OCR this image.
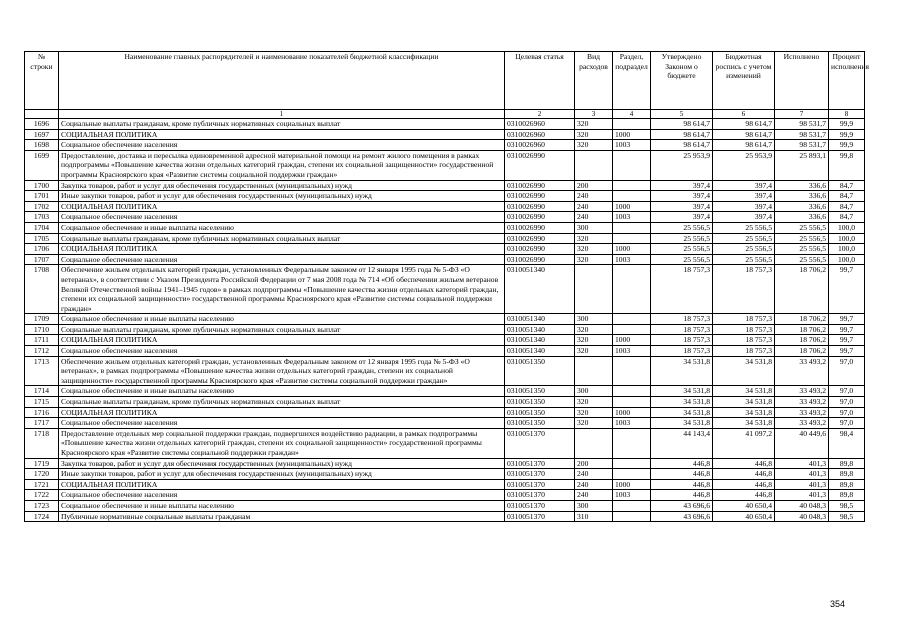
№ строки	Наименование главных распорядителей и наименование показателей бюджетной классификации	Целевая статья	Вид расходов	Раздел, подраздел	Утверждено Законом о бюджете	Бюджетная роспись с учетом изменений	Исполнено	Процент исполнения
	1	2	3	4	5	6	7	8
1696	Социальные выплаты гражданам, кроме публичных нормативных социальных выплат	0310026960	320		98 614,7	98 614,7	98 531,7	99,9
1697	СОЦИАЛЬНАЯ ПОЛИТИКА	0310026960	320	1000	98 614,7	98 614,7	98 531,7	99,9
1698	Социальное обеспечение населения	0310026960	320	1003	98 614,7	98 614,7	98 531,7	99,9
1699	Предоставление, доставка и пересылка единовременной адресной материальной помощи на ремонт жилого помещения в рамках подпрограммы «Повышение качества жизни отдельных категорий граждан, степени их социальной защищенности» государственной программы Красноярского края «Развитие системы социальной поддержки граждан»	0310026990			25 953,9	25 953,9	25 893,1	99,8
1700	Закупка товаров, работ и услуг для обеспечения государственных (муниципальных) нужд	0310026990	200		397,4	397,4	336,6	84,7
1701	Иные закупки товаров, работ и услуг для обеспечения государственных (муниципальных) нужд	0310026990	240		397,4	397,4	336,6	84,7
1702	СОЦИАЛЬНАЯ ПОЛИТИКА	0310026990	240	1000	397,4	397,4	336,6	84,7
1703	Социальное обеспечение населения	0310026990	240	1003	397,4	397,4	336,6	84,7
1704	Социальное обеспечение и иные выплаты населению	0310026990	300		25 556,5	25 556,5	25 556,5	100,0
1705	Социальные выплаты гражданам, кроме публичных нормативных социальных выплат	0310026990	320		25 556,5	25 556,5	25 556,5	100,0
1706	СОЦИАЛЬНАЯ ПОЛИТИКА	0310026990	320	1000	25 556,5	25 556,5	25 556,5	100,0
1707	Социальное обеспечение населения	0310026990	320	1003	25 556,5	25 556,5	25 556,5	100,0
1708	Обеспечение жильем отдельных категорий граждан, установленных Федеральным законом от 12 января 1995 года № 5-ФЗ «О ветеранах», в соответствии с Указом Президента Российской Федерации от 7 мая 2008 года № 714 «Об обеспечении жильем ветеранов Великой Отечественной войны 1941–1945 годов» в рамках подпрограммы «Повышение качества жизни отдельных категорий граждан, степени их социальной защищенности» государственной программы Красноярского края «Развитие системы социальной поддержки граждан»	0310051340			18 757,3	18 757,3	18 706,2	99,7
1709	Социальное обеспечение и иные выплаты населению	0310051340	300		18 757,3	18 757,3	18 706,2	99,7
1710	Социальные выплаты гражданам, кроме публичных нормативных социальных выплат	0310051340	320		18 757,3	18 757,3	18 706,2	99,7
1711	СОЦИАЛЬНАЯ ПОЛИТИКА	0310051340	320	1000	18 757,3	18 757,3	18 706,2	99,7
1712	Социальное обеспечение населения	0310051340	320	1003	18 757,3	18 757,3	18 706,2	99,7
1713	Обеспечение жильем отдельных категорий граждан, установленных Федеральным законом от 12 января 1995 года № 5-ФЗ «О ветеранах», в рамках подпрограммы «Повышение качества жизни отдельных категорий граждан, степени их социальной защищенности» государственной программы Красноярского края «Развитие системы социальной поддержки граждан»	0310051350			34 531,8	34 531,8	33 493,2	97,0
1714	Социальное обеспечение и иные выплаты населению	0310051350	300		34 531,8	34 531,8	33 493,2	97,0
1715	Социальные выплаты гражданам, кроме публичных нормативных социальных выплат	0310051350	320		34 531,8	34 531,8	33 493,2	97,0
1716	СОЦИАЛЬНАЯ ПОЛИТИКА	0310051350	320	1000	34 531,8	34 531,8	33 493,2	97,0
1717	Социальное обеспечение населения	0310051350	320	1003	34 531,8	34 531,8	33 493,2	97,0
1718	Предоставление отдельных мер социальной поддержки граждан, подвергшихся воздействию радиации, в рамках подпрограммы «Повышение качества жизни отдельных категорий граждан, степени их социальной защищенности» государственной программы Красноярского края «Развитие системы социальной поддержки граждан»	0310051370			44 143,4	41 097,2	40 449,6	98,4
1719	Закупка товаров, работ и услуг для обеспечения государственных (муниципальных) нужд	0310051370	200		446,8	446,8	401,3	89,8
1720	Иные закупки товаров, работ и услуг для обеспечения государственных (муниципальных) нужд	0310051370	240		446,8	446,8	401,3	89,8
1721	СОЦИАЛЬНАЯ ПОЛИТИКА	0310051370	240	1000	446,8	446,8	401,3	89,8
1722	Социальное обеспечение населения	0310051370	240	1003	446,8	446,8	401,3	89,8
1723	Социальное обеспечение и иные выплаты населению	0310051370	300		43 696,6	40 650,4	40 048,3	98,5
1724	Публичные нормативные социальные выплаты гражданам	0310051370	310		43 696,6	40 650,4	40 048,3	98,5
354
